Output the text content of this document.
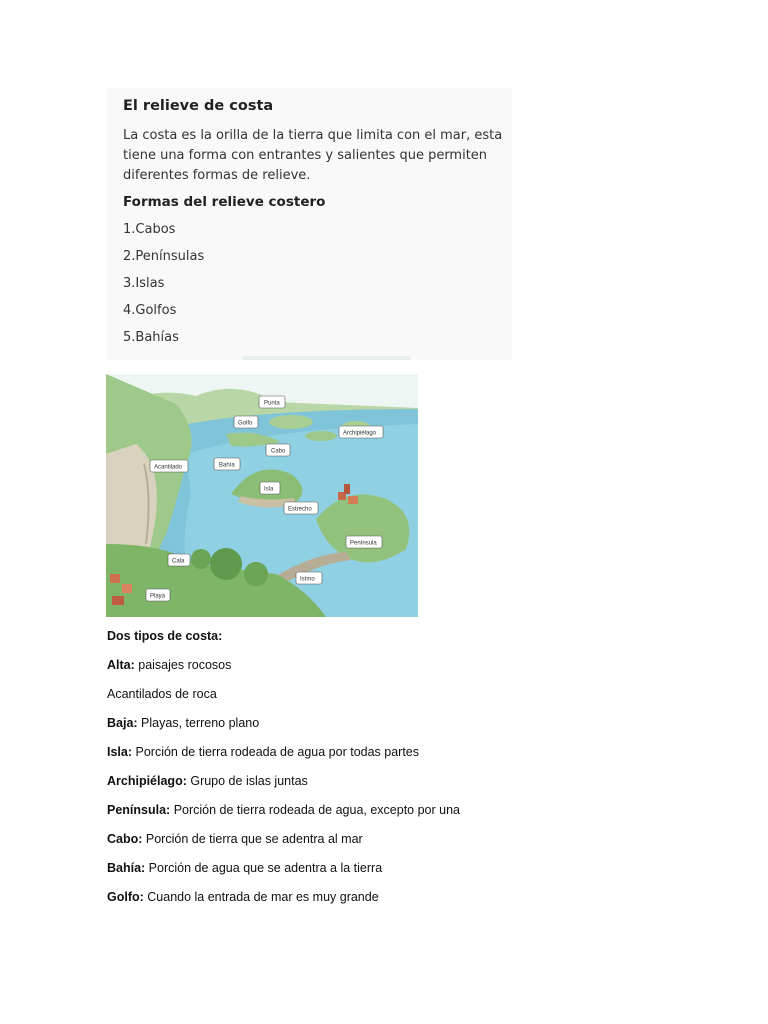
El relieve de costa

La costa es la orilla de la tierra que limita con el mar, esta tiene una forma con entrantes y salientes que permiten diferentes formas de relieve.

Formas del relieve costero
1.Cabos
2.Penínsulas
3.Islas
4.Golfos
5.Bahías
Punta
Golfo
Archipiélago
Cabo
Acantilado	Bahía
Isla
Estrecho
Península
Cala
Istmo
Playa
Dos tipos de costa:
Alta: paisajes rocosos
Acantilados de roca
Baja: Playas, terreno plano
Isla: Porción de tierra rodeada de agua por todas partes
Archipiélago: Grupo de islas juntas
Península: Porción de tierra rodeada de agua, excepto por una
Cabo: Porción de tierra que se adentra al mar
Bahía: Porción de agua que se adentra a la tierra
Golfo: Cuando la entrada de mar es muy grande
